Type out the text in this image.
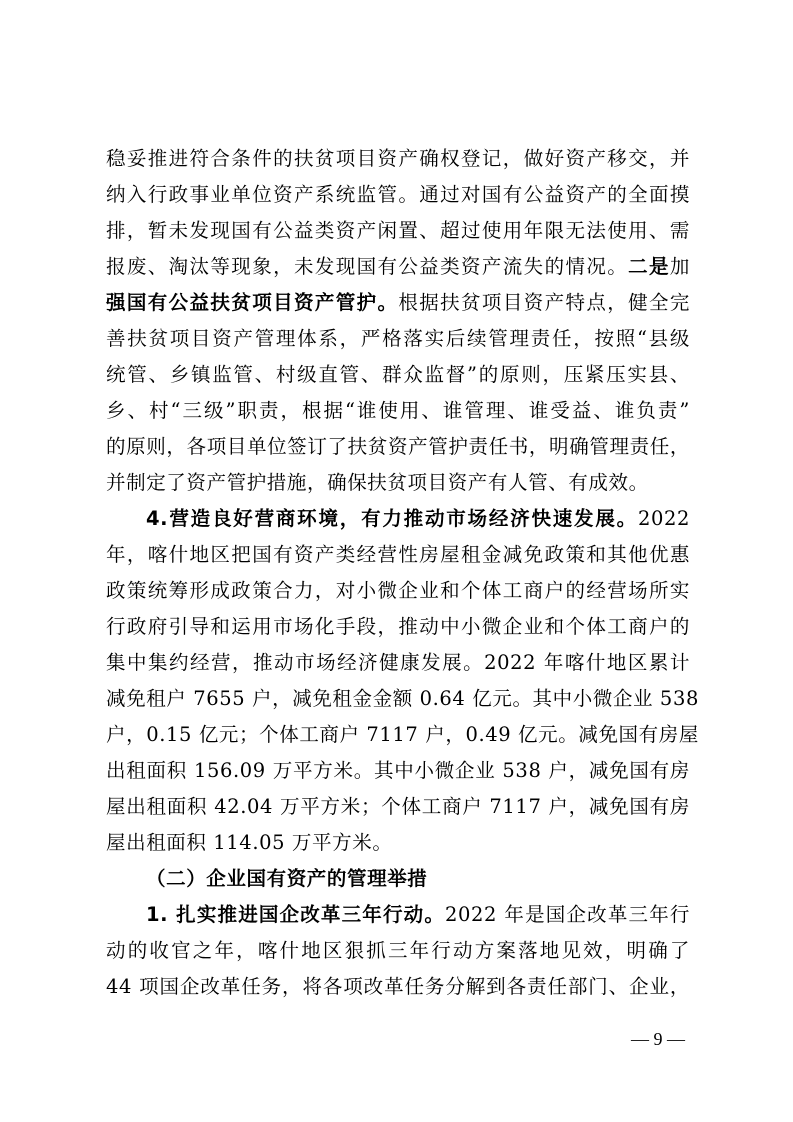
稳妥推进符合条件的扶贫项目资产确权登记，做好资产移交，并
纳入行政事业单位资产系统监管。通过对国有公益资产的全面摸
排，暂未发现国有公益类资产闲置、超过使用年限无法使用、需
报废、淘汰等现象，未发现国有公益类资产流失的情况。二是加
强国有公益扶贫项目资产管护。根据扶贫项目资产特点，健全完
善扶贫项目资产管理体系，严格落实后续管理责任，按照“县级
统管、乡镇监管、村级直管、群众监督”的原则，压紧压实县、
乡、村“三级”职责，根据“谁使用、谁管理、谁受益、谁负责”
的原则，各项目单位签订了扶贫资产管护责任书，明确管理责任，
并制定了资产管护措施，确保扶贫项目资产有人管、有成效。
4.营造良好营商环境，有力推动市场经济快速发展。2022
年，喀什地区把国有资产类经营性房屋租金减免政策和其他优惠
政策统筹形成政策合力，对小微企业和个体工商户的经营场所实
行政府引导和运用市场化手段，推动中小微企业和个体工商户的
集中集约经营，推动市场经济健康发展。2022 年喀什地区累计
减免租户 7655 户，减免租金金额 0.64 亿元。其中小微企业 538
户，0.15 亿元；个体工商户 7117 户，0.49 亿元。减免国有房屋
出租面积 156.09 万平方米。其中小微企业 538 户，减免国有房
屋出租面积 42.04 万平方米；个体工商户 7117 户，减免国有房
屋出租面积 114.05 万平方米。
（二）企业国有资产的管理举措
1. 扎实推进国企改革三年行动。2022 年是国企改革三年行
动的收官之年，喀什地区狠抓三年行动方案落地见效，明确了
44 项国企改革任务，将各项改革任务分解到各责任部门、企业，
— 9 —
